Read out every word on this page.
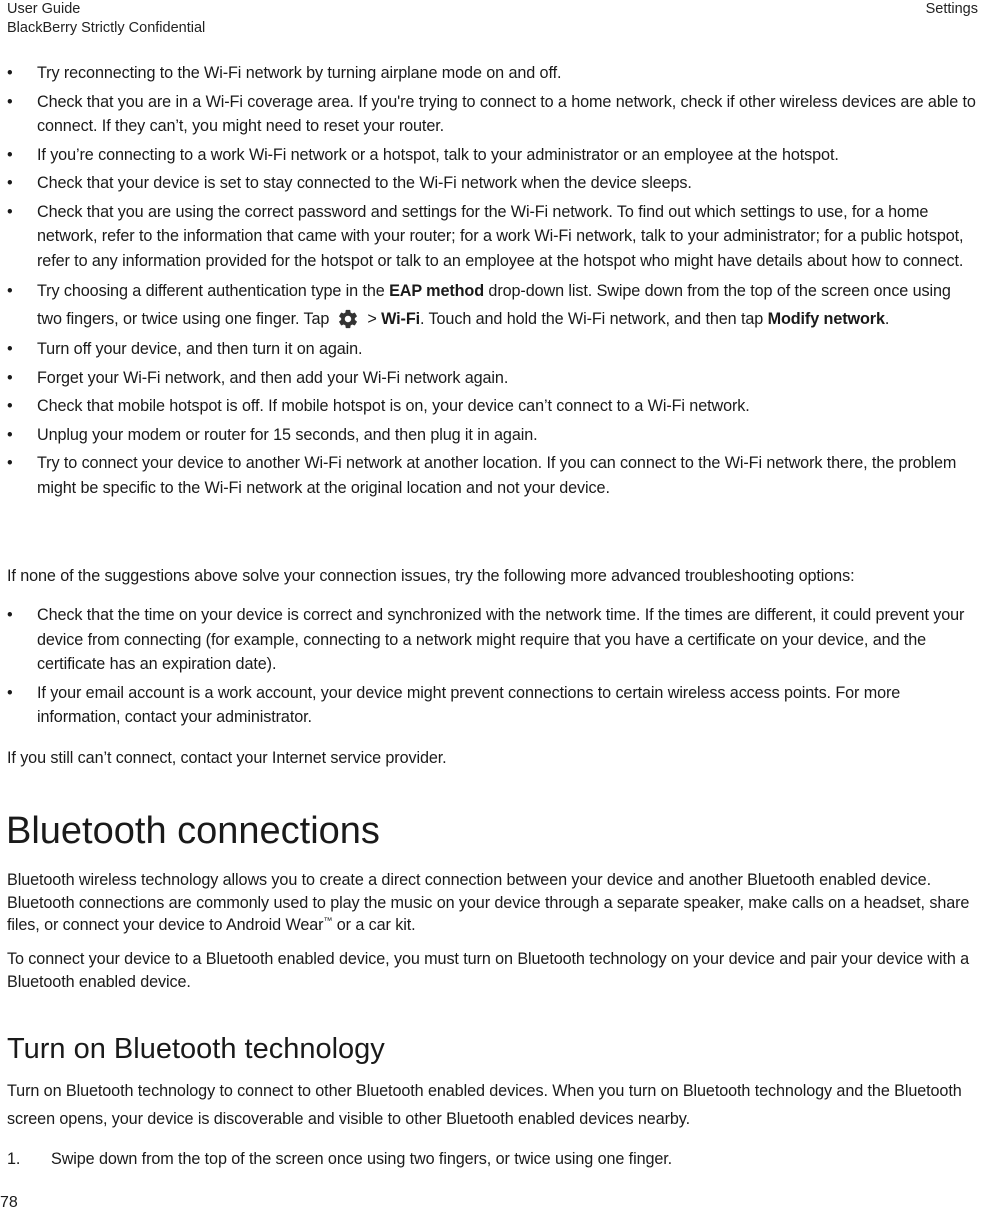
User Guide
BlackBerry Strictly Confidential
Settings
• Try reconnecting to the Wi-Fi network by turning airplane mode on and off.
• Check that you are in a Wi-Fi coverage area. If you're trying to connect to a home network, check if other wireless devices are able to connect. If they can’t, you might need to reset your router.
• If you’re connecting to a work Wi-Fi network or a hotspot, talk to your administrator or an employee at the hotspot.
• Check that your device is set to stay connected to the Wi-Fi network when the device sleeps.
• Check that you are using the correct password and settings for the Wi-Fi network. To find out which settings to use, for a home network, refer to the information that came with your router; for a work Wi-Fi network, talk to your administrator; for a public hotspot, refer to any information provided for the hotspot or talk to an employee at the hotspot who might have details about how to connect.
• Try choosing a different authentication type in the EAP method drop-down list. Swipe down from the top of the screen once using two fingers, or twice using one finger. Tap > Wi-Fi. Touch and hold the Wi-Fi network, and then tap Modify network.
• Turn off your device, and then turn it on again.
• Forget your Wi-Fi network, and then add your Wi-Fi network again.
• Check that mobile hotspot is off. If mobile hotspot is on, your device can’t connect to a Wi-Fi network.
• Unplug your modem or router for 15 seconds, and then plug it in again.
• Try to connect your device to another Wi-Fi network at another location. If you can connect to the Wi-Fi network there, the problem might be specific to the Wi-Fi network at the original location and not your device.

If none of the suggestions above solve your connection issues, try the following more advanced troubleshooting options:

• Check that the time on your device is correct and synchronized with the network time. If the times are different, it could prevent your device from connecting (for example, connecting to a network might require that you have a certificate on your device, and the certificate has an expiration date).
• If your email account is a work account, your device might prevent connections to certain wireless access points. For more information, contact your administrator.

If you still can’t connect, contact your Internet service provider.

Bluetooth connections

Bluetooth wireless technology allows you to create a direct connection between your device and another Bluetooth enabled device. Bluetooth connections are commonly used to play the music on your device through a separate speaker, make calls on a headset, share files, or connect your device to Android Wear™ or a car kit.

To connect your device to a Bluetooth enabled device, you must turn on Bluetooth technology on your device and pair your device with a Bluetooth enabled device.

Turn on Bluetooth technology

Turn on Bluetooth technology to connect to other Bluetooth enabled devices. When you turn on Bluetooth technology and the Bluetooth screen opens, your device is discoverable and visible to other Bluetooth enabled devices nearby.

1. Swipe down from the top of the screen once using two fingers, or twice using one finger.
78
